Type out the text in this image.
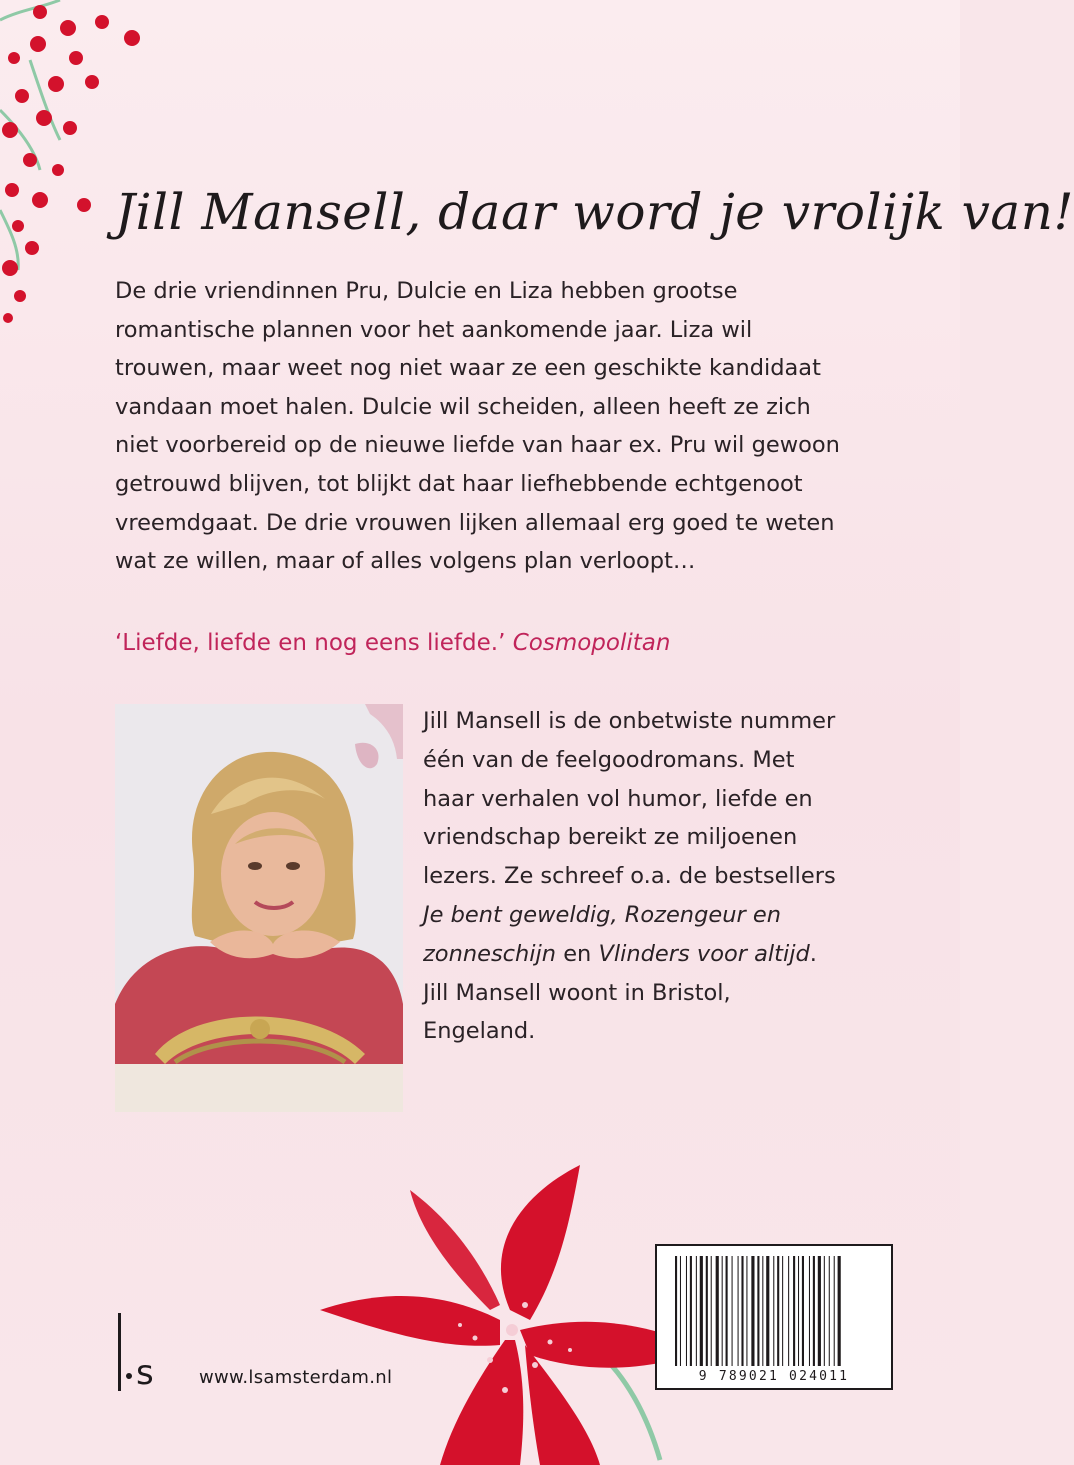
Jill Mansell, daar word je vrolijk van!
De drie vriendinnen Pru, Dulcie en Liza hebben grootse
romantische plannen voor het aankomende jaar. Liza wil
trouwen, maar weet nog niet waar ze een geschikte kandidaat
vandaan moet halen. Dulcie wil scheiden, alleen heeft ze zich
niet voorbereid op de nieuwe liefde van haar ex. Pru wil gewoon
getrouwd blijven, tot blijkt dat haar liefhebbende echtgenoot
vreemdgaat. De drie vrouwen lijken allemaal erg goed te weten
wat ze willen, maar of alles volgens plan verloopt…
‘Liefde, liefde en nog eens liefde.’ Cosmopolitan
Jill Mansell is de onbetwiste nummer
één van de feelgoodromans. Met
haar verhalen vol humor, liefde en
vriendschap bereikt ze miljoenen
lezers. Ze schreef o.a. de bestsellers
Je bent geweldig, Rozengeur en
zonneschijn en Vlinders voor altijd.
Jill Mansell woont in Bristol,
Engeland.
s	www.lsamsterdam.nl	9 789021 024011
